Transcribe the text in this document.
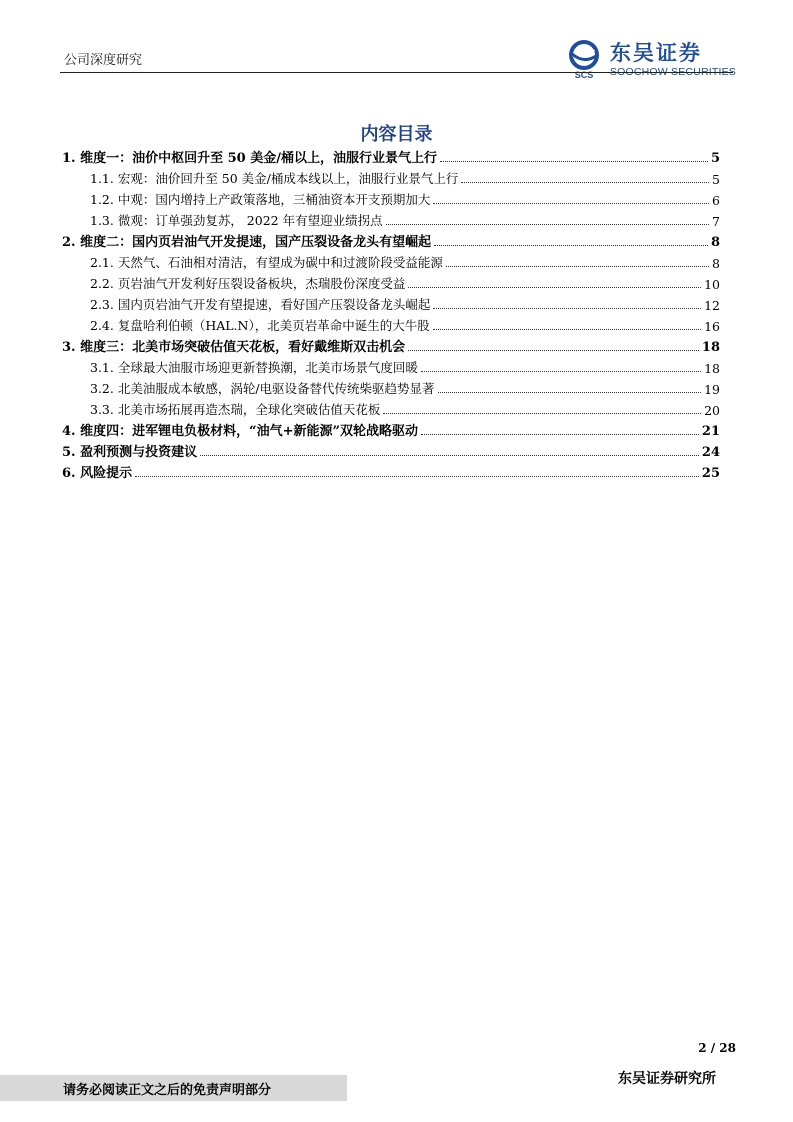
公司深度研究
SCS
东吴证券
SOOCHOW SECURITIES
内容目录
1. 维度一：油价中枢回升至 50 美金/桶以上，油服行业景气上行	5
1.1. 宏观：油价回升至 50 美金/桶成本线以上，油服行业景气上行	5
1.2. 中观：国内增持上产政策落地，三桶油资本开支预期加大	6
1.3. 微观：订单强劲复苏， 2022 年有望迎业绩拐点	7
2. 维度二：国内页岩油气开发提速，国产压裂设备龙头有望崛起	8
2.1. 天然气、石油相对清洁，有望成为碳中和过渡阶段受益能源	8
2.2. 页岩油气开发利好压裂设备板块，杰瑞股份深度受益	10
2.3. 国内页岩油气开发有望提速，看好国产压裂设备龙头崛起	12
2.4. 复盘哈利伯顿（HAL.N），北美页岩革命中诞生的大牛股	16
3. 维度三：北美市场突破估值天花板，看好戴维斯双击机会	18
3.1. 全球最大油服市场迎更新替换潮，北美市场景气度回暖	18
3.2. 北美油服成本敏感，涡轮/电驱设备替代传统柴驱趋势显著	19
3.3. 北美市场拓展再造杰瑞，全球化突破估值天花板	20
4. 维度四：进军锂电负极材料，“油气+新能源”双轮战略驱动	21
5. 盈利预测与投资建议	24
6. 风险提示	25
2 / 28
请务必阅读正文之后的免责声明部分
东吴证券研究所
